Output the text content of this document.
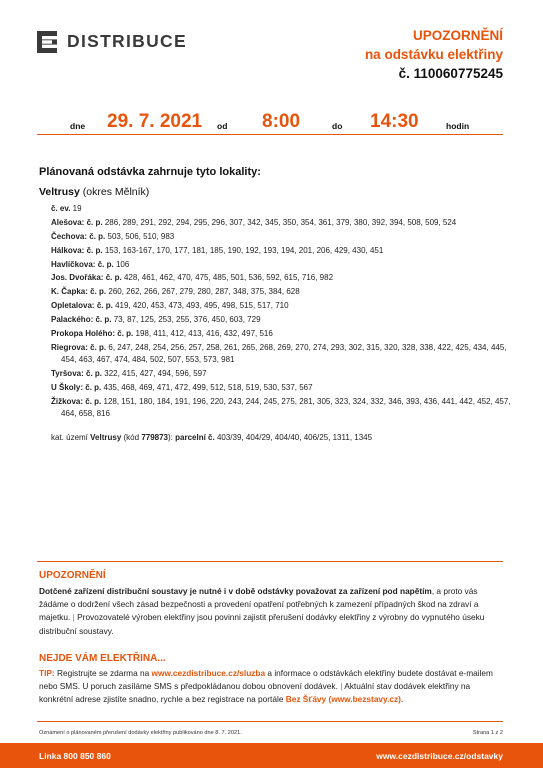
DISTRIBUCE	UPOZORNĚNÍ
na odstávku elektřiny
č. 110060775245
dne 29. 7. 2021 od 8:00	do 14:30	hodin
Plánovaná odstávka zahrnuje tyto lokality:
Veltrusy (okres Mělník)
č. ev. 19
Alešova: č. p. 286, 289, 291, 292, 294, 295, 296, 307, 342, 345, 350, 354, 361, 379, 380, 392, 394, 508, 509, 524
Čechova: č. p. 503, 506, 510, 983
Hálkova: č. p. 153, 163-167, 170, 177, 181, 185, 190, 192, 193, 194, 201, 206, 429, 430, 451
Havlíčkova: č. p. 106
Jos. Dvořáka: č. p. 428, 461, 462, 470, 475, 485, 501, 536, 592, 615, 716, 982
K. Čapka: č. p. 260, 262, 266, 267, 279, 280, 287, 348, 375, 384, 628
Opletalova: č. p. 419, 420, 453, 473, 493, 495, 498, 515, 517, 710
Palackého: č. p. 73, 87, 125, 253, 255, 376, 450, 603, 729
Prokopa Holého: č. p. 198, 411, 412, 413, 416, 432, 497, 516
Riegrova: č. p. 6, 247, 248, 254, 256, 257, 258, 261, 265, 268, 269, 270, 274, 293, 302, 315, 320, 328, 338, 422, 425, 434, 445, 454, 463, 467, 474, 484, 502, 507, 553, 573, 981
Tyršova: č. p. 322, 415, 427, 494, 596, 597
U Školy: č. p. 435, 468, 469, 471, 472, 499, 512, 518, 519, 530, 537, 567
Žižkova: č. p. 128, 151, 180, 184, 191, 196, 220, 243, 244, 245, 275, 281, 305, 323, 324, 332, 346, 393, 436, 441, 442, 452, 457, 464, 658, 816
kat. území Veltrusy (kód 779873): parcelní č. 403/39, 404/29, 404/40, 406/25, 1311, 1345
UPOZORNĚNÍ
Dotčené zařízení distribuční soustavy je nutné i v době odstávky považovat za zařízení pod napětím, a proto vás žádáme o dodržení všech zásad bezpečnosti a provedení opatření potřebných k zamezení případných škod na zdraví a majetku. | Provozovatelé výroben elektřiny jsou povinni zajistit přerušení dodávky elektřiny z výrobny do vypnutého úseku distribuční soustavy.
NEJDE VÁM ELEKTŘINA...
TIP: Registrujte se zdarma na www.cezdistribuce.cz/sluzba a informace o odstávkách elektřiny budete dostávat e-mailem nebo SMS. U poruch zasíláme SMS s předpokládanou dobou obnovení dodávek. | Aktuální stav dodávek elektřiny na konkrétní adrese zjistíte snadno, rychle a bez registrace na portále Bez Šťávy (www.bezstavy.cz).
Oznámení o plánovaném přerušení dodávky elektřiny publikováno dne 8. 7. 2021.	Strana 1 z 2
Linka 800 850 860	www.cezdistribuce.cz/odstavky
